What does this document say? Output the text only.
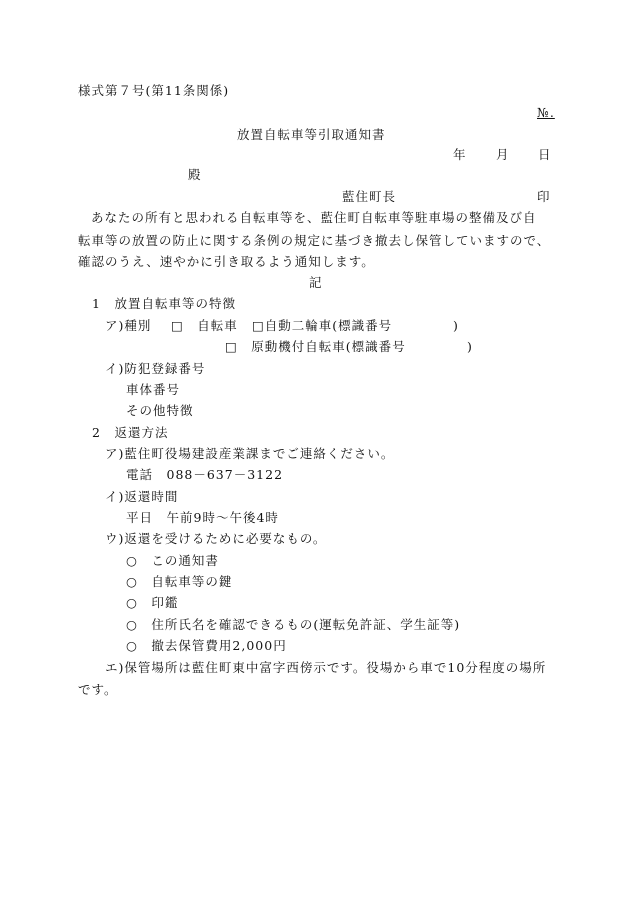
様式第７号(第11条関係)
№.
放置自転車等引取通知書
年 月 日
殿
藍住町長	印
あなたの所有と思われる自転車等を、藍住町自転車等駐車場の整備及び自
転車等の放置の防止に関する条例の規定に基づき撤去し保管していますので、
確認のうえ、速やかに引き取るよう通知します。
記
1　放置自転車等の特徴
ア)種別 □　自転車 □自動二輪車(標識番号	)
□　原動機付自転車(標識番号	)
イ)防犯登録番号
車体番号
その他特徴
2　返還方法
ア)藍住町役場建設産業課までご連絡ください。
電話　088－637－3122
イ)返還時間
平日　午前9時～午後4時
ウ)返還を受けるために必要なもの。
○　この通知書
○　自転車等の鍵
○　印鑑
○　住所氏名を確認できるもの(運転免許証、学生証等)
○　撤去保管費用2,000円
エ)保管場所は藍住町東中富字西傍示です。役場から車で10分程度の場所
です。
